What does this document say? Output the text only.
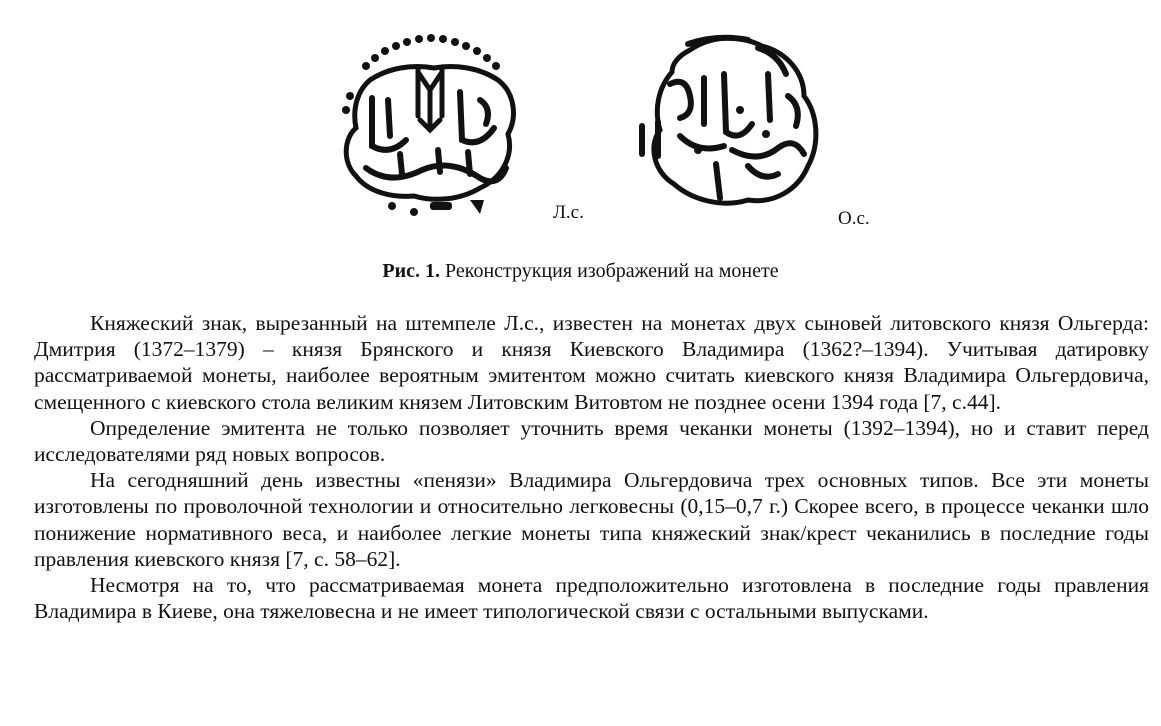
Л.с.	О.с.
Рис. 1. Реконструкция изображений на монете

Княжеский знак, вырезанный на штемпеле Л.с., известен на монетах двух сыновей литовского князя Ольгерда: Дмитрия (1372–1379) – князя Брянского и князя Киевского Владимира (1362?–1394). Учитывая датировку рассматриваемой монеты, наиболее вероятным эмитентом можно считать киевского князя Владимира Ольгердовича, смещенного с киевского стола великим князем Литовским Витовтом не позднее осени 1394 года [7, с.44].

Определение эмитента не только позволяет уточнить время чеканки монеты (1392–1394), но и ставит перед исследователями ряд новых вопросов.

На сегодняшний день известны «пенязи» Владимира Ольгердовича трех основных типов. Все эти монеты изготовлены по проволочной технологии и относительно легковесны (0,15–0,7 г.) Скорее всего, в процессе чеканки шло понижение нормативного веса, и наиболее легкие монеты типа княжеский знак/крест чеканились в последние годы правления киевского князя [7, с. 58–62].

Несмотря на то, что рассматриваемая монета предположительно изготовлена в последние годы правления Владимира в Киеве, она тяжеловесна и не имеет типологической связи с остальными выпусками.
